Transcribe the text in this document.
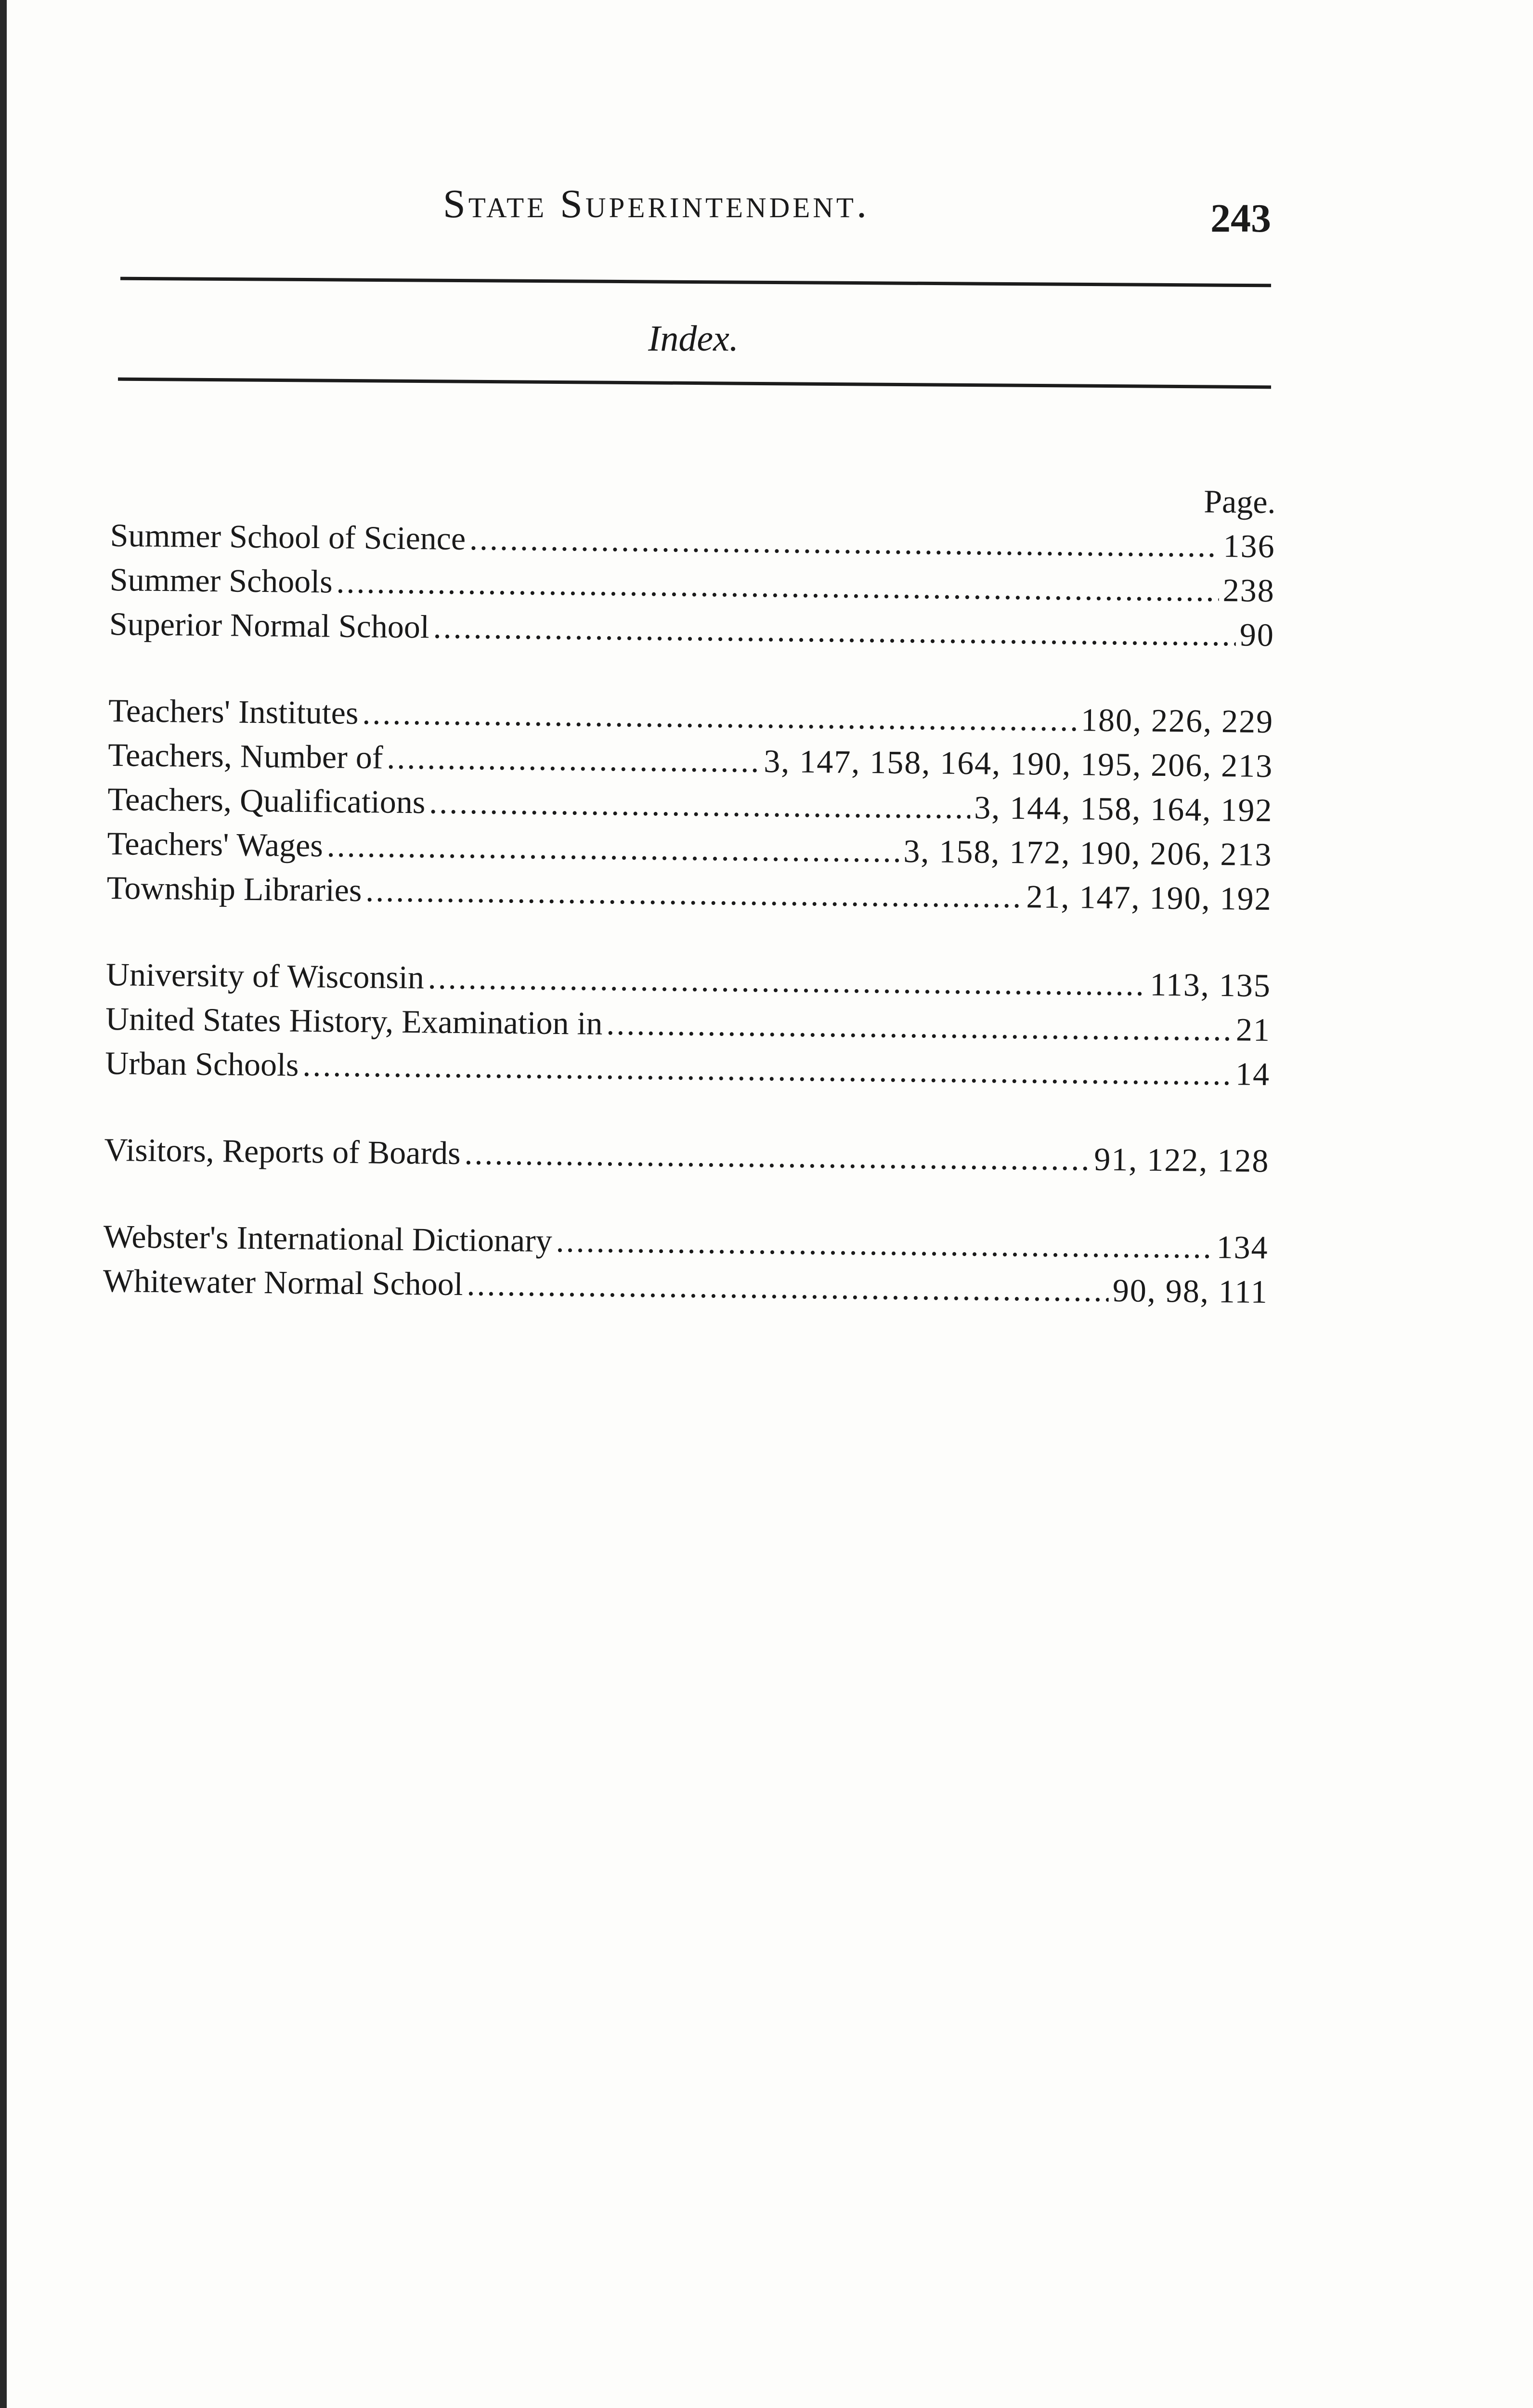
State Superintendent.	243
Index.
Page.
Summer School of Science .....	136
Summer Schools .....	238
Superior Normal School .....	90
Teachers' Institutes .....	180, 226, 229
Teachers, Number of .....	3, 147, 158, 164, 190, 195, 206, 213
Teachers, Qualifications .....	3, 144, 158, 164, 192
Teachers' Wages .....	3, 158, 172, 190, 206, 213
Township Libraries .....	21, 147, 190, 192
University of Wisconsin .....	113, 135
United States History, Examination in .....	21
Urban Schools .....	14
Visitors, Reports of Boards .....	91, 122, 128
Webster's International Dictionary .....	134
Whitewater Normal School .....	90, 98, 111
